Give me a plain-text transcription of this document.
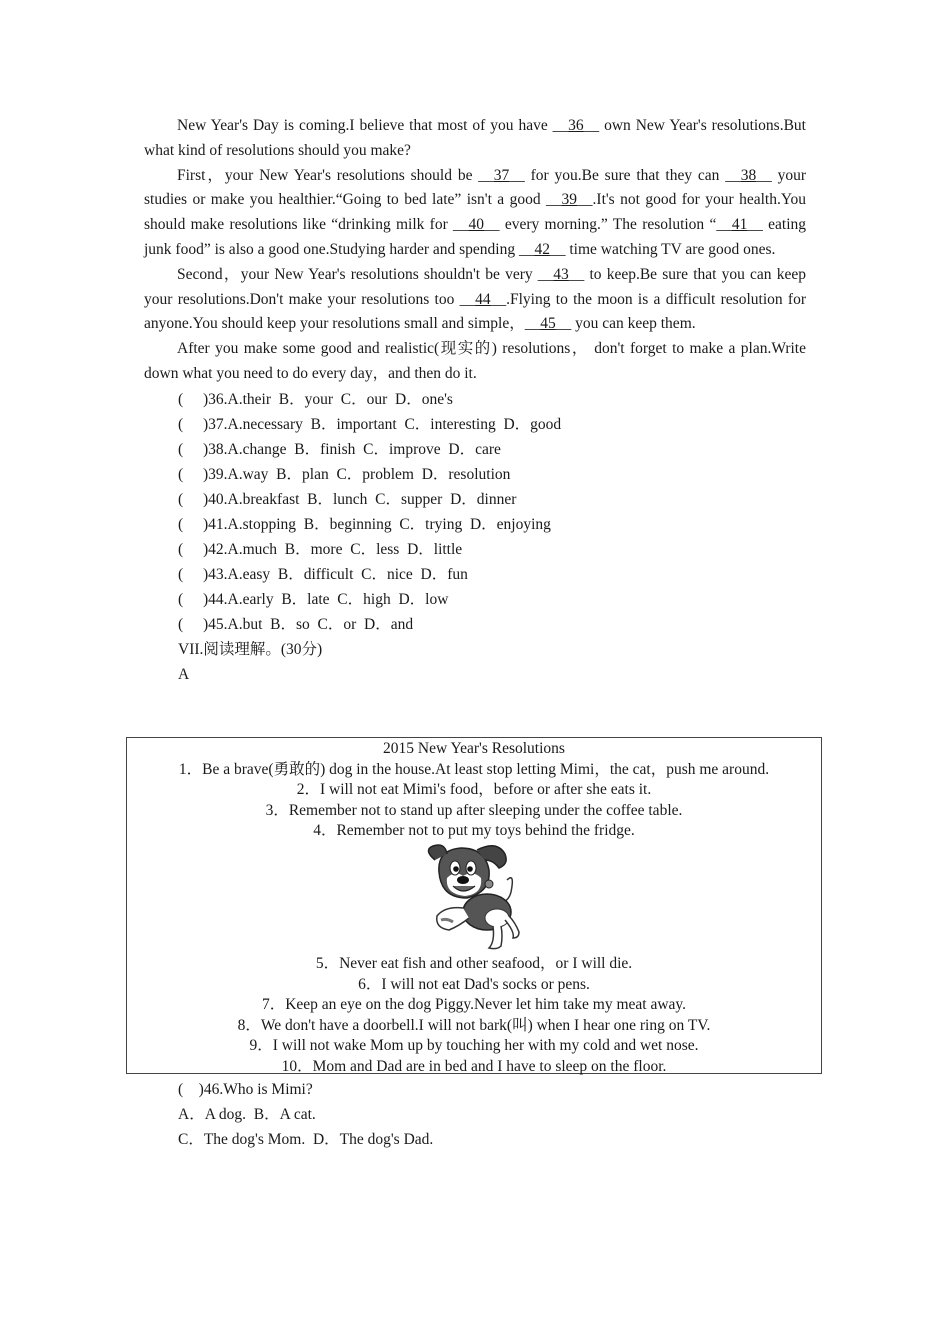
New Year's Day is coming.I believe that most of you have __36__ own New Year's resolutions.But what kind of resolutions should you make?

First，your New Year's resolutions should be __37__ for you.Be sure that they can __38__ your studies or make you healthier.“Going to bed late” isn't a good __39__.It's not good for your health.You should make resolutions like “drinking milk for __40__ every morning.” The resolution “__41__ eating junk food” is also a good one.Studying harder and spending __42__ time watching TV are good ones.

Second，your New Year's resolutions shouldn't be very __43__ to keep.Be sure that you can keep your resolutions.Don't make your resolutions too __44__.Flying to the moon is a difficult resolution for anyone.You should keep your resolutions small and simple，__45__ you can keep them.

After you make some good and realistic(现实的) resolutions， don't forget to make a plan.Write down what you need to do every day，and then do it.

( )36.A.their  B．your  C．our  D．one's
( )37.A.necessary  B．important  C．interesting  D．good
( )38.A.change  B．finish  C．improve  D．care
( )39.A.way  B．plan  C．problem  D．resolution
( )40.A.breakfast  B．lunch  C．supper  D．dinner
( )41.A.stopping  B．beginning  C．trying  D．enjoying
( )42.A.much  B．more  C．less  D．little
( )43.A.easy  B．difficult  C．nice  D．fun
( )44.A.early  B．late  C．high  D．low
( )45.A.but  B．so  C．or  D．and
VII.阅读理解。(30分)
A
2015 New Year's Resolutions
1．Be a brave(勇敢的) dog in the house.At least stop letting Mimi，the cat，push me around.
2．I will not eat Mimi's food，before or after she eats it.
3．Remember not to stand up after sleeping under the coffee table.
4．Remember not to put my toys behind the fridge.
5．Never eat fish and other seafood，or I will die.
6．I will not eat Dad's socks or pens.
7．Keep an eye on the dog Piggy.Never let him take my meat away.
8．We don't have a doorbell.I will not bark(叫) when I hear one ring on TV.
9．I will not wake Mom up by touching her with my cold and wet nose.
10．Mom and Dad are in bed and I have to sleep on the floor.
(    )46.Who is Mimi?
A．A dog.  B．A cat.
C．The dog's Mom.  D．The dog's Dad.
